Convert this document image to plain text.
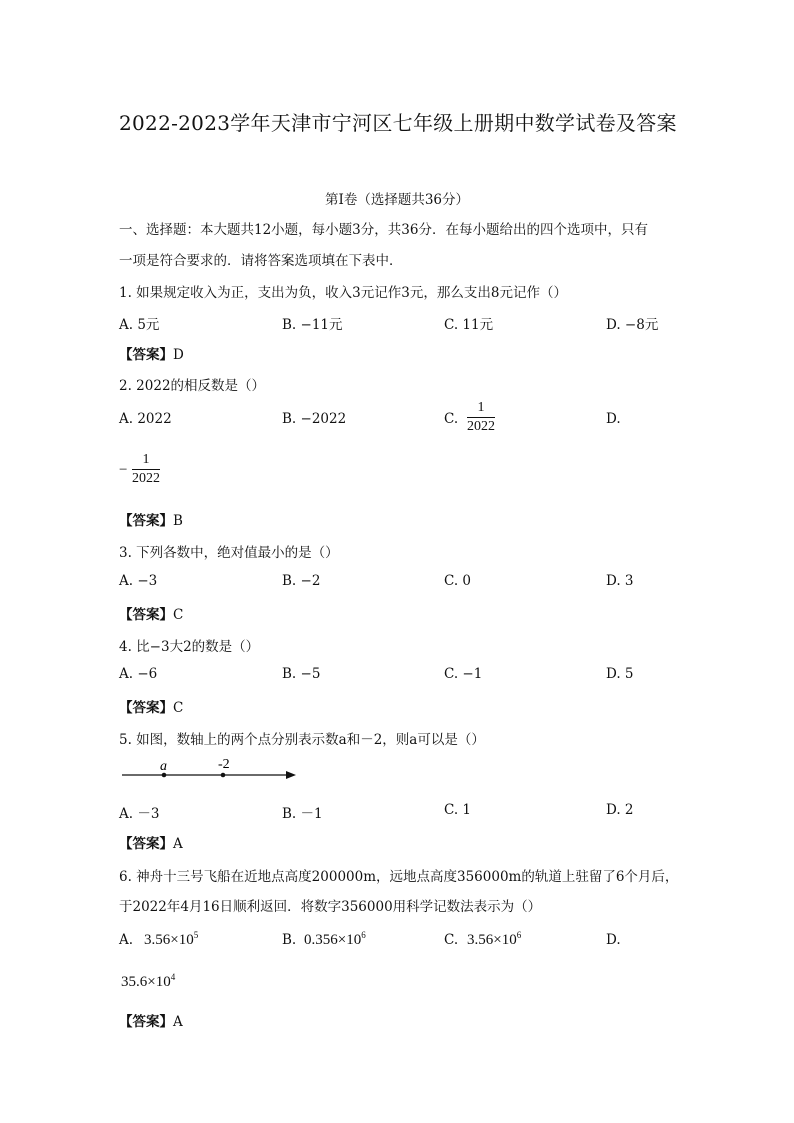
2022-2023学年天津市宁河区七年级上册期中数学试卷及答案
第Ⅰ卷（选择题共36分）
一、选择题：本大题共12小题，每小题3分，共36分．在每小题给出的四个选项中，只有
一项是符合要求的．请将答案选项填在下表中．
1. 如果规定收入为正，支出为负，收入3元记作3元，那么支出8元记作（）
A. 5元	B. −11元	C. 11元	D. −8元
【答案】D
2. 2022的相反数是（）
A. 2022	B. −2022	C.
1
2022	D.
−
1
2022
【答案】B
3. 下列各数中，绝对值最小的是（）
A. −3	B. −2	C. 0	D. 3
【答案】C
4. 比−3大2的数是（）
A. −6	B. −5	C. −1	D. 5
【答案】C
5. 如图，数轴上的两个点分别表示数a和－2，则a可以是（）
a	-2
A. －3	B. －1	C. 1	D. 2
【答案】A
6. 神舟十三号飞船在近地点高度200000m，远地点高度356000m的轨道上驻留了6个月后，
于2022年4月16日顺利返回．将数字356000用科学记数法表示为（）
A. $3.56\times 10^5$	B. $0.356\times 10^6$	C. $3.56\times 10^6$	D.
$35.6\times 10^4$
【答案】A
